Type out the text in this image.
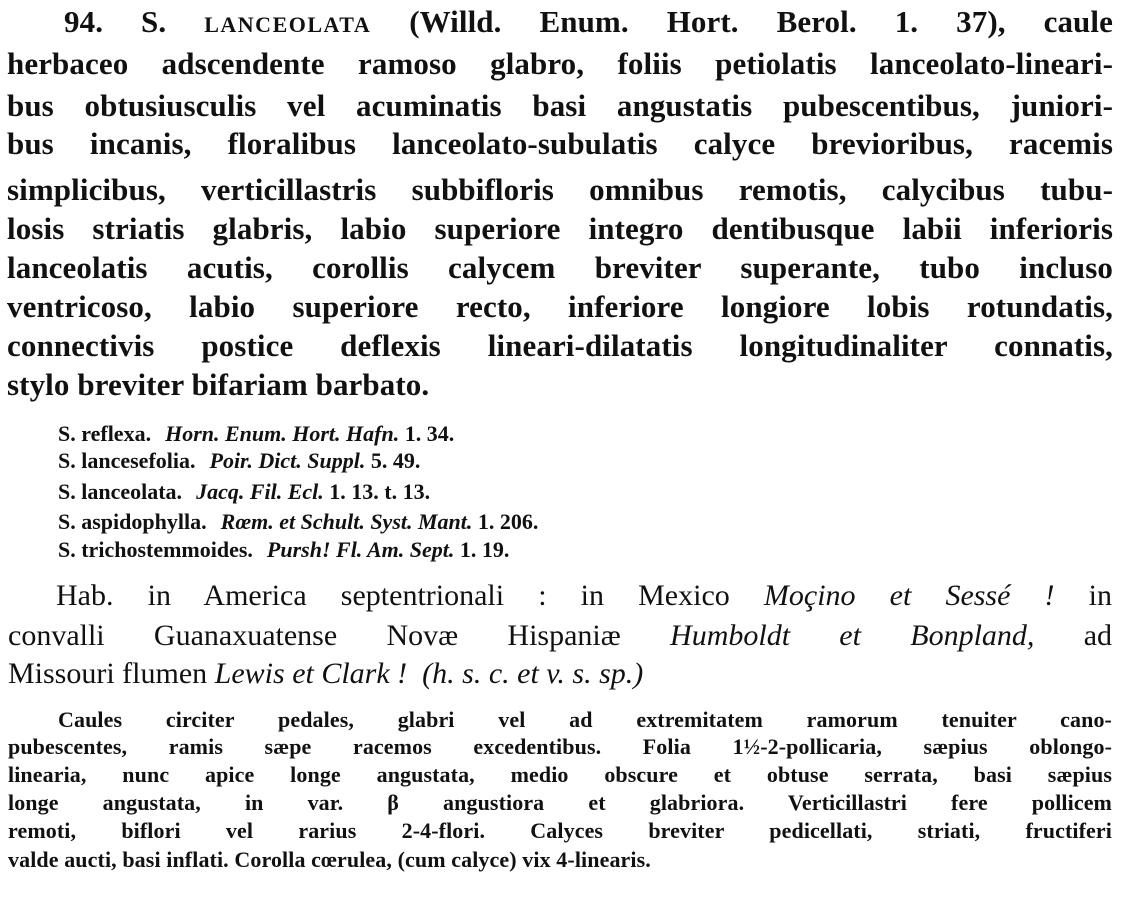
94. S. lanceolata (Willd. Enum. Hort. Berol. 1. 37), caule
herbaceo adscendente ramoso glabro, foliis petiolatis lanceolato-lineari-
bus obtusiusculis vel acuminatis basi angustatis pubescentibus, juniori-
bus incanis, floralibus lanceolato-subulatis calyce brevioribus, racemis
simplicibus, verticillastris subbifloris omnibus remotis, calycibus tubu-
losis striatis glabris, labio superiore integro dentibusque labii inferioris
lanceolatis acutis, corollis calycem breviter superante, tubo incluso
ventricoso, labio superiore recto, inferiore longiore lobis rotundatis,
connectivis postice deflexis lineari-dilatatis longitudinaliter connatis,
stylo breviter bifariam barbato.
S. reflexa. Horn. Enum. Hort. Hafn. 1. 34.
S. lancesefolia. Poir. Dict. Suppl. 5. 49.
S. lanceolata. Jacq. Fil. Ecl. 1. 13. t. 13.
S. aspidophylla. Rœm. et Schult. Syst. Mant. 1. 206.
S. trichostemmoides. Pursh! Fl. Am. Sept. 1. 19.
Hab. in America septentrionali : in Mexico Moçino et Sessé ! in
convalli Guanaxuatense Novæ Hispaniæ Humboldt et Bonpland, ad
Missouri flumen Lewis et Clark ! (h. s. c. et v. s. sp.)
Caules circiter pedales, glabri vel ad extremitatem ramorum tenuiter cano-
pubescentes, ramis sæpe racemos excedentibus. Folia 1½-2-pollicaria, sæpius oblongo-
linearia, nunc apice longe angustata, medio obscure et obtuse serrata, basi sæpius
longe angustata, in var. β angustiora et glabriora. Verticillastri fere pollicem
remoti, biflori vel rarius 2-4-flori. Calyces breviter pedicellati, striati, fructiferi
valde aucti, basi inflati. Corolla cœrulea, (cum calyce) vix 4-linearis.
